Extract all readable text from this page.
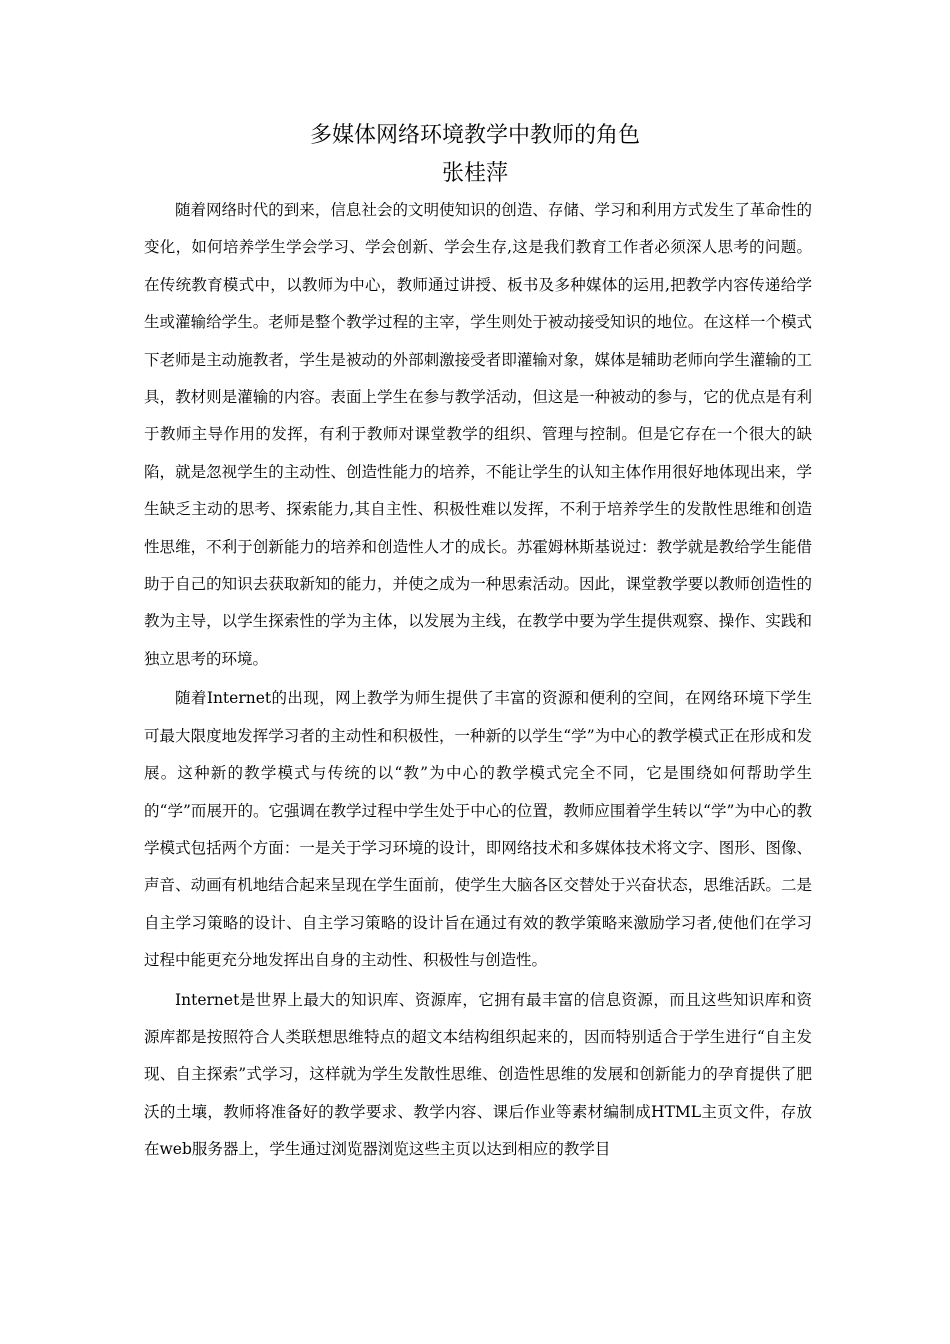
多媒体网络环境教学中教师的角色
张桂萍

随着网络时代的到来，信息社会的文明使知识的创造、存储、学习和利用方式发生了革命性的变化，如何培养学生学会学习、学会创新、学会生存,这是我们教育工作者必须深人思考的问题。在传统教育模式中，以教师为中心，教师通过讲授、板书及多种媒体的运用,把教学内容传递给学生或灌输给学生。老师是整个教学过程的主宰，学生则处于被动接受知识的地位。在这样一个模式下老师是主动施教者，学生是被动的外部刺激接受者即灌输对象，媒体是辅助老师向学生灌输的工具，教材则是灌输的内容。表面上学生在参与教学活动，但这是一种被动的参与，它的优点是有利于教师主导作用的发挥，有利于教师对课堂教学的组织、管理与控制。但是它存在一个很大的缺陷，就是忽视学生的主动性、创造性能力的培养，不能让学生的认知主体作用很好地体现出来，学生缺乏主动的思考、探索能力,其自主性、积极性难以发挥，不利于培养学生的发散性思维和创造性思维，不利于创新能力的培养和创造性人才的成长。苏霍姆林斯基说过：教学就是教给学生能借助于自己的知识去获取新知的能力，并使之成为一种思索活动。因此，课堂教学要以教师创造性的教为主导，以学生探索性的学为主体，以发展为主线，在教学中要为学生提供观察、操作、实践和独立思考的环境。

随着Internet的出现，网上教学为师生提供了丰富的资源和便利的空间，在网络环境下学生可最大限度地发挥学习者的主动性和积极性，一种新的以学生“学”为中心的教学模式正在形成和发展。这种新的教学模式与传统的以“教”为中心的教学模式完全不同，它是围绕如何帮助学生的“学”而展开的。它强调在教学过程中学生处于中心的位置，教师应围着学生转以“学”为中心的教学模式包括两个方面：一是关于学习环境的设计，即网络技术和多媒体技术将文字、图形、图像、声音、动画有机地结合起来呈现在学生面前，使学生大脑各区交替处于兴奋状态，思维活跃。二是自主学习策略的设计、自主学习策略的设计旨在通过有效的教学策略来激励学习者,使他们在学习过程中能更充分地发挥出自身的主动性、积极性与创造性。

Internet是世界上最大的知识库、资源库，它拥有最丰富的信息资源，而且这些知识库和资源库都是按照符合人类联想思维特点的超文本结构组织起来的，因而特别适合于学生进行“自主发现、自主探索”式学习，这样就为学生发散性思维、创造性思维的发展和创新能力的孕育提供了肥沃的土壤，教师将准备好的教学要求、教学内容、课后作业等素材编制成HTML主页文件，存放在web服务器上，学生通过浏览器浏览这些主页以达到相应的教学目
